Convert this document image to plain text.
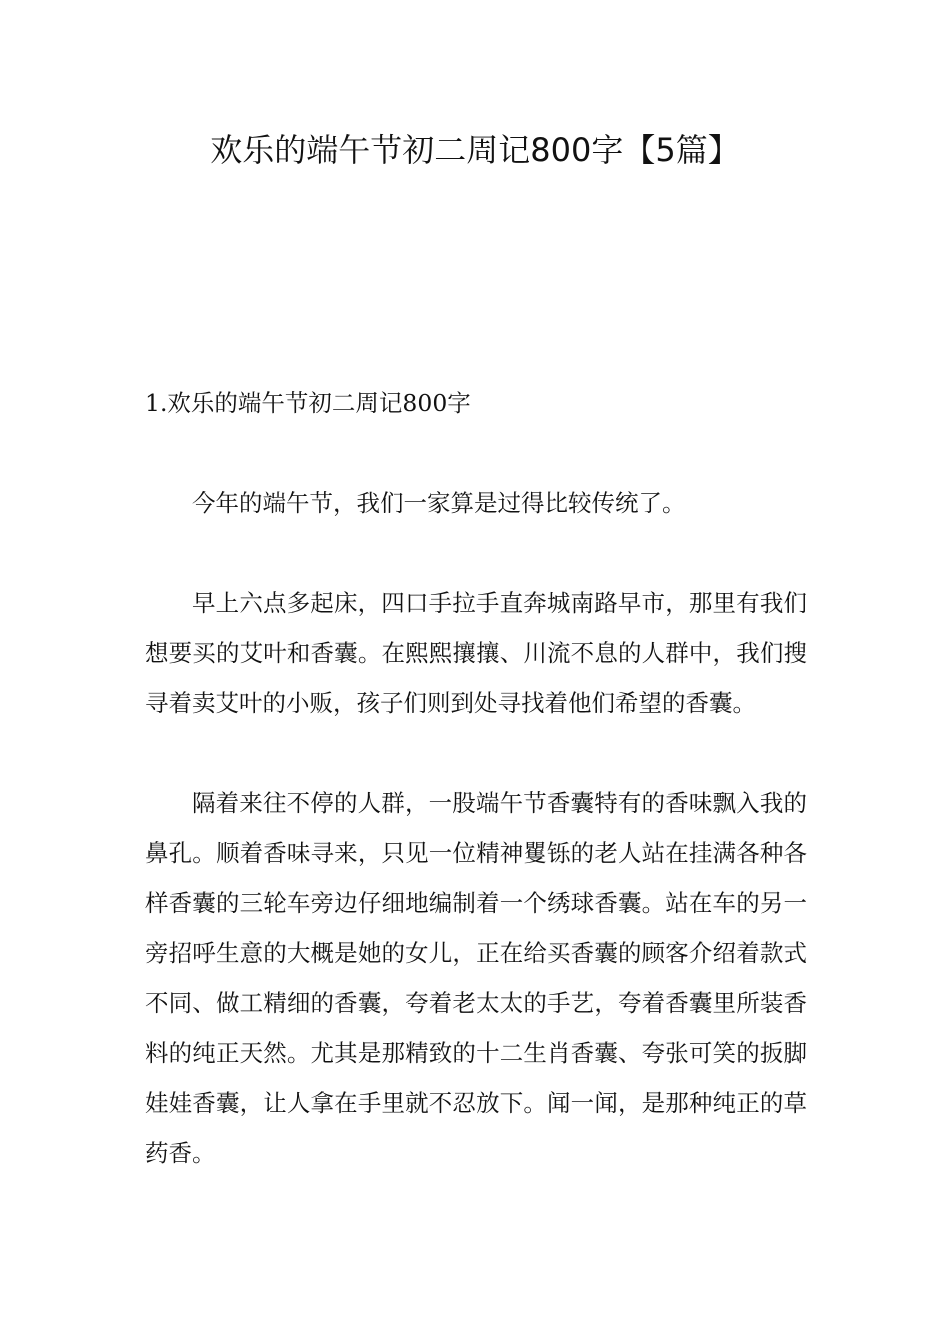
欢乐的端午节初二周记800字【5篇】
1.欢乐的端午节初二周记800字

今年的端午节，我们一家算是过得比较传统了。

早上六点多起床，四口手拉手直奔城南路早市，那里有我们想要买的艾叶和香囊。在熙熙攘攘、川流不息的人群中，我们搜寻着卖艾叶的小贩，孩子们则到处寻找着他们希望的香囊。

隔着来往不停的人群，一股端午节香囊特有的香味飘入我的鼻孔。顺着香味寻来，只见一位精神矍铄的老人站在挂满各种各样香囊的三轮车旁边仔细地编制着一个绣球香囊。站在车的另一旁招呼生意的大概是她的女儿，正在给买香囊的顾客介绍着款式不同、做工精细的香囊，夸着老太太的手艺，夸着香囊里所装香料的纯正天然。尤其是那精致的十二生肖香囊、夸张可笑的扳脚娃娃香囊，让人拿在手里就不忍放下。闻一闻，是那种纯正的草药香。
